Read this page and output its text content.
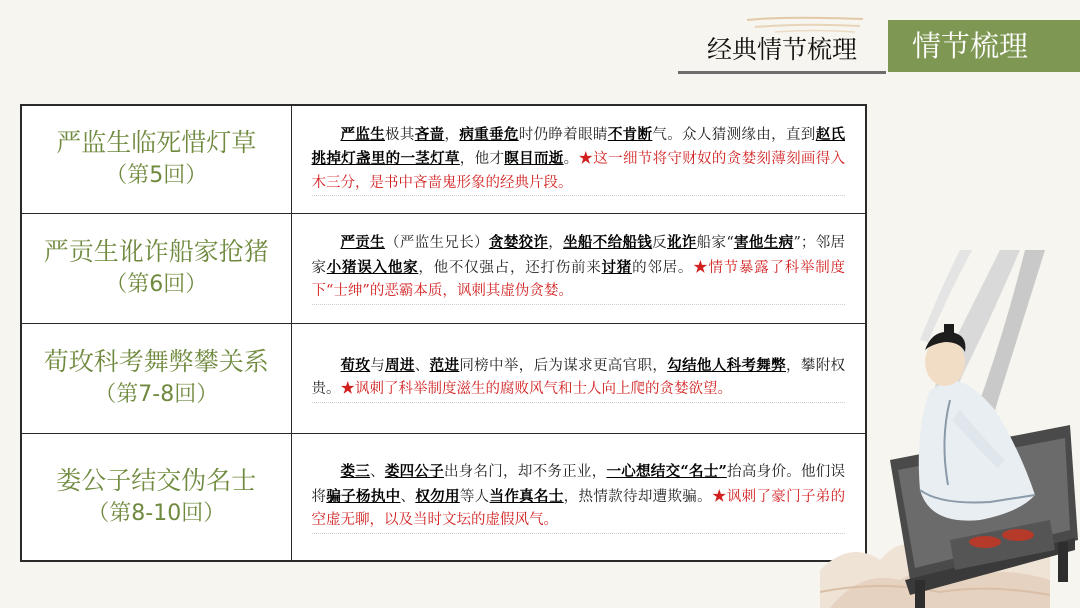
经典情节梳理	情节梳理
严监生临死惜灯草
（第5回）	严监生极其吝啬，病重垂危时仍睁着眼睛不肯断气。众人猜测缘由，直到赵氏挑掉灯盏里的一茎灯草，他才瞑目而逝。★这一细节将守财奴的贪婪刻薄刻画得入木三分，是书中吝啬鬼形象的经典片段。

严贡生讹诈船家抢猪
（第6回）	严贡生（严监生兄长）贪婪狡诈，坐船不给船钱反讹诈船家“害他生病”；邻居家小猪误入他家，他不仅强占，还打伤前来讨猪的邻居。★情节暴露了科举制度下“士绅”的恶霸本质，讽刺其虚伪贪婪。

荀玫科考舞弊攀关系
（第7-8回）	荀玫与周进、范进同榜中举，后为谋求更高官职，勾结他人科考舞弊，攀附权贵。★讽刺了科举制度滋生的腐败风气和士人向上爬的贪婪欲望。

娄公子结交伪名士
（第8-10回）	娄三、娄四公子出身名门，却不务正业，一心想结交“名士”抬高身价。他们误将骗子杨执中、权勿用等人当作真名士，热情款待却遭欺骗。★讽刺了豪门子弟的空虚无聊，以及当时文坛的虚假风气。
